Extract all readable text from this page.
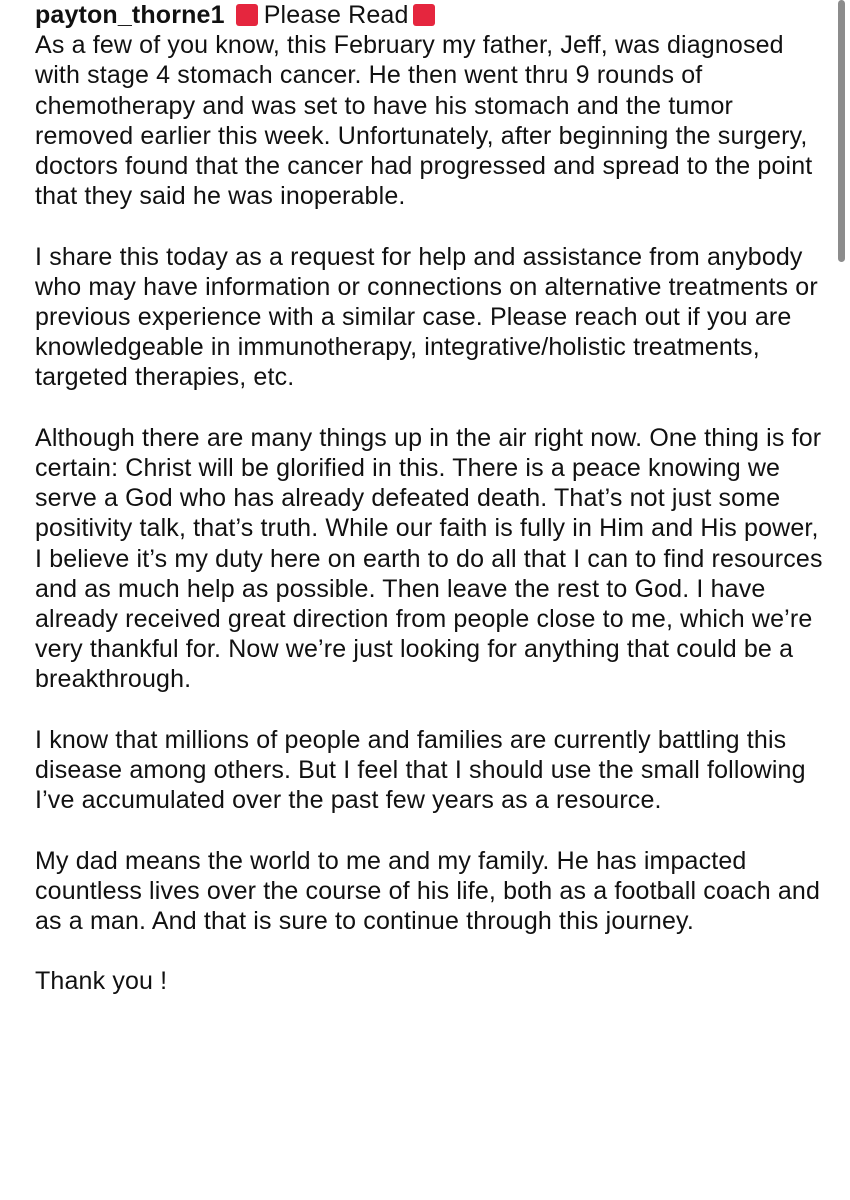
payton_thorne1 Please Read

As a few of you know, this February my father, Jeff, was diagnosed with stage 4 stomach cancer. He then went thru 9 rounds of chemotherapy and was set to have his stomach and the tumor removed earlier this week. Unfortunately, after beginning the surgery, doctors found that the cancer had progressed and spread to the point that they said he was inoperable.

I share this today as a request for help and assistance from anybody who may have information or connections on alternative treatments or previous experience with a similar case. Please reach out if you are knowledgeable in immunotherapy, integrative/holistic treatments, targeted therapies, etc.

Although there are many things up in the air right now. One thing is for certain: Christ will be glorified in this. There is a peace knowing we serve a God who has already defeated death. That’s not just some positivity talk, that’s truth. While our faith is fully in Him and His power, I believe it’s my duty here on earth to do all that I can to find resources and as much help as possible. Then leave the rest to God. I have already received great direction from people close to me, which we’re very thankful for. Now we’re just looking for anything that could be a breakthrough.

I know that millions of people and families are currently battling this disease among others. But I feel that I should use the small following I’ve accumulated over the past few years as a resource.

My dad means the world to me and my family. He has impacted countless lives over the course of his life, both as a football coach and as a man. And that is sure to continue through this journey.

Thank you !
